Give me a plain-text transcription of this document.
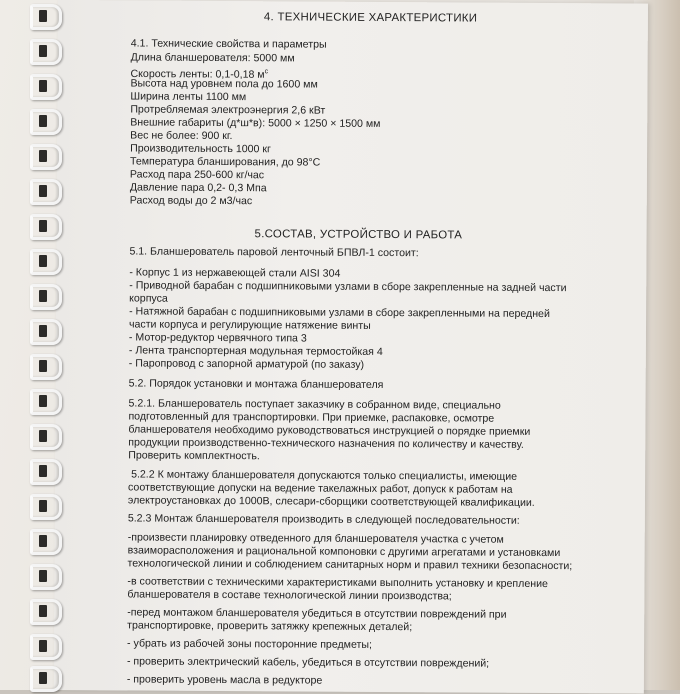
4. ТЕХНИЧЕСКИЕ ХАРАКТЕРИСТИКИ
4.1. Технические свойства и параметры
Длина бланшерователя: 5000 мм
Скорость ленты: 0,1-0,18 $м^с$
Высота над уровнем пола до 1600 мм
Ширина ленты 1100 мм
Протребляемая электроэнергия 2,6 кВт
Внешние габариты (д*ш*в): 5000 × 1250 × 1500 мм
Вес не более: 900 кг.
Производительность 1000 кг
Температура бланширования, до 98°С
Расход пара 250-600 кг/час
Давление пара 0,2- 0,3 Мпа
Расход воды до 2 м3/час
5.СОСТАВ, УСТРОЙСТВО И РАБОТА
5.1. Бланшерователь паровой ленточный БПВЛ-1 состоит:
- Корпус 1 из нержавеющей стали AISI 304
- Приводной барабан с подшипниковыми узлами в сборе закрепленные на задней части
корпуса
- Натяжной барабан с подшипниковыми узлами в сборе закрепленными на передней
части корпуса и регулирующие натяжение винты
- Мотор-редуктор червячного типа 3
- Лента транспортерная модульная термостойкая 4
- Паропровод с запорной арматурой (по заказу)
5.2. Порядок установки и монтажа бланшерователя
5.2.1. Бланшерователь поступает заказчику в собранном виде, специально
подготовленный для транспортировки. При приемке, распаковке, осмотре
бланшерователя необходимо руководствоваться инструкцией о порядке приемки
продукции производственно-технического назначения по количеству и качеству.
Проверить комплектность.
5.2.2 К монтажу бланшерователя допускаются только специалисты, имеющие
соответствующие допуски на ведение такелажных работ, допуск к работам на
электроустановках до 1000В, слесари-сборщики соответствующей квалификации.
5.2.3 Монтаж бланшерователя производить в следующей последовательности:
-произвести планировку отведенного для бланшерователя участка с учетом
взаиморасположения и рациональной компоновки с другими агрегатами и установками
технологической линии и соблюдением санитарных норм и правил техники безопасности;
-в соответствии с техническими характеристиками выполнить установку и крепление
бланшерователя в составе технологической линии производства;
-перед монтажом бланшерователя убедиться в отсутствии повреждений при
транспортировке, проверить затяжку крепежных деталей;
- убрать из рабочей зоны посторонние предметы;
- проверить электрический кабель, убедиться в отсутствии повреждений;
- проверить уровень масла в редукторе
